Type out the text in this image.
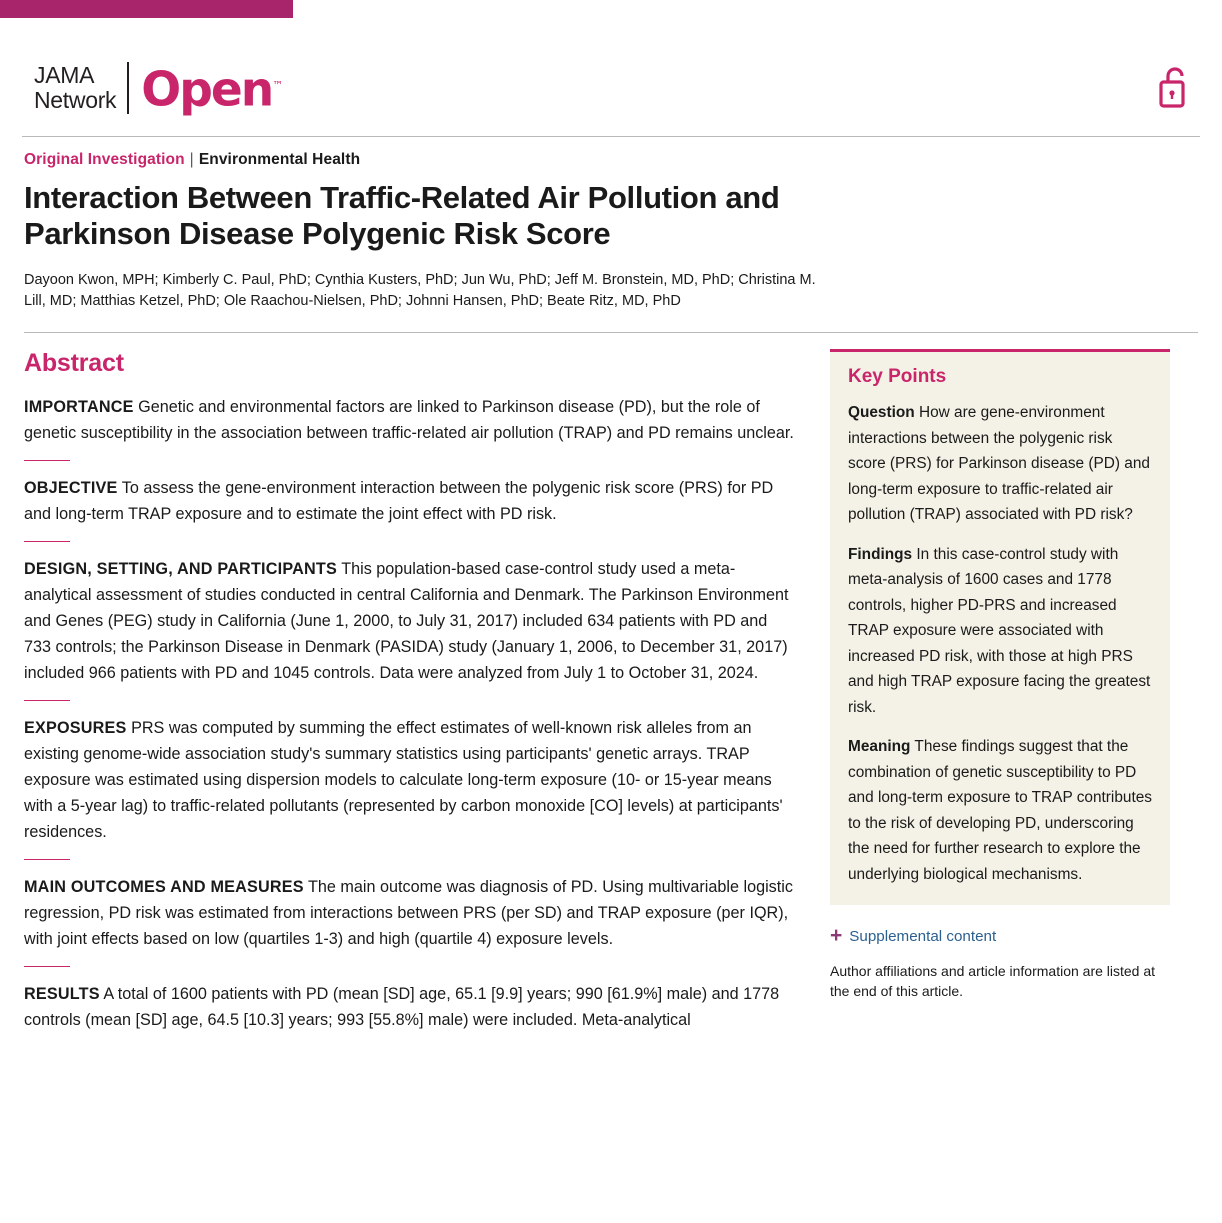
JAMA
Network Open™
Original Investigation | Environmental Health
Interaction Between Traffic-Related Air Pollution and Parkinson Disease Polygenic Risk Score
Dayoon Kwon, MPH; Kimberly C. Paul, PhD; Cynthia Kusters, PhD; Jun Wu, PhD; Jeff M. Bronstein, MD, PhD; Christina M. Lill, MD; Matthias Ketzel, PhD; Ole Raachou-Nielsen, PhD; Johnni Hansen, PhD; Beate Ritz, MD, PhD
Abstract
IMPORTANCE Genetic and environmental factors are linked to Parkinson disease (PD), but the role of genetic susceptibility in the association between traffic-related air pollution (TRAP) and PD remains unclear.
OBJECTIVE To assess the gene-environment interaction between the polygenic risk score (PRS) for PD and long-term TRAP exposure and to estimate the joint effect with PD risk.
DESIGN, SETTING, AND PARTICIPANTS This population-based case-control study used a meta-analytical assessment of studies conducted in central California and Denmark. The Parkinson Environment and Genes (PEG) study in California (June 1, 2000, to July 31, 2017) included 634 patients with PD and 733 controls; the Parkinson Disease in Denmark (PASIDA) study (January 1, 2006, to December 31, 2017) included 966 patients with PD and 1045 controls. Data were analyzed from July 1 to October 31, 2024.
EXPOSURES PRS was computed by summing the effect estimates of well-known risk alleles from an existing genome-wide association study's summary statistics using participants' genetic arrays. TRAP exposure was estimated using dispersion models to calculate long-term exposure (10- or 15-year means with a 5-year lag) to traffic-related pollutants (represented by carbon monoxide [CO] levels) at participants' residences.
MAIN OUTCOMES AND MEASURES The main outcome was diagnosis of PD. Using multivariable logistic regression, PD risk was estimated from interactions between PRS (per SD) and TRAP exposure (per IQR), with joint effects based on low (quartiles 1-3) and high (quartile 4) exposure levels.
RESULTS A total of 1600 patients with PD (mean [SD] age, 65.1 [9.9] years; 990 [61.9%] male) and 1778 controls (mean [SD] age, 64.5 [10.3] years; 993 [55.8%] male) were included. Meta-analytical
Key Points
Question How are gene-environment interactions between the polygenic risk score (PRS) for Parkinson disease (PD) and long-term exposure to traffic-related air pollution (TRAP) associated with PD risk?
Findings In this case-control study with meta-analysis of 1600 cases and 1778 controls, higher PD-PRS and increased TRAP exposure were associated with increased PD risk, with those at high PRS and high TRAP exposure facing the greatest risk.
Meaning These findings suggest that the combination of genetic susceptibility to PD and long-term exposure to TRAP contributes to the risk of developing PD, underscoring the need for further research to explore the underlying biological mechanisms.
+ Supplemental content
Author affiliations and article information are listed at the end of this article.
